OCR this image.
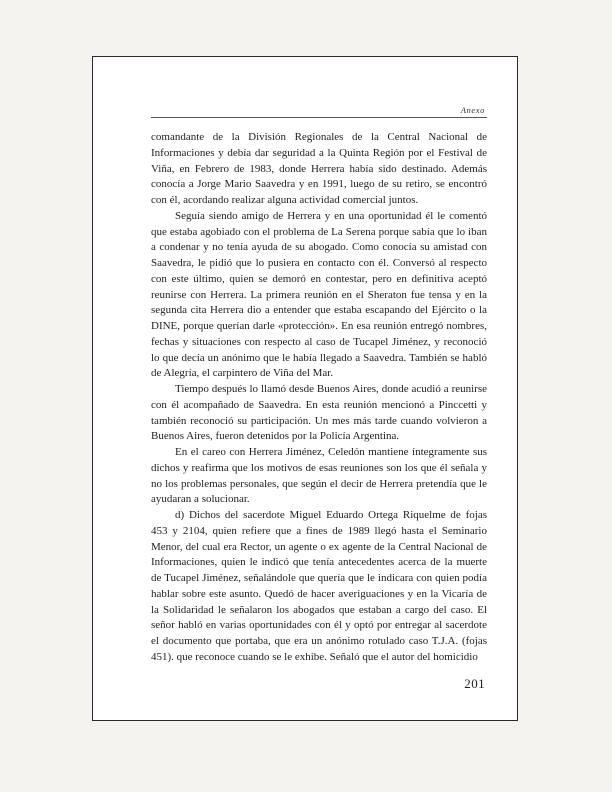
Anexo

comandante de la División Regionales de la Central Nacional de Informaciones y debía dar seguridad a la Quinta Región por el Festival de Viña, en Febrero de 1983, donde Herrera había sido destinado. Además conocía a Jorge Mario Saavedra y en 1991, luego de su retiro, se encontró con él, acordando realizar alguna actividad comercial juntos.

Seguía siendo amigo de Herrera y en una oportunidad él le comentó que estaba agobiado con el problema de La Serena porque sabía que lo iban a condenar y no tenía ayuda de su abogado. Como conocía su amistad con Saavedra, le pidió que lo pusiera en contacto con él. Conversó al respecto con este último, quien se demoró en contestar, pero en definitiva aceptó reunirse con Herrera. La primera reunión en el Sheraton fue tensa y en la segunda cita Herrera dio a entender que estaba escapando del Ejército o la DINE, porque querían darle «protección». En esa reunión entregó nombres, fechas y situaciones con respecto al caso de Tucapel Jiménez, y reconoció lo que decía un anónimo que le había llegado a Saavedra. También se habló de Alegría, el carpintero de Viña del Mar.

Tiempo después lo llamó desde Buenos Aires, donde acudió a reunirse con él acompañado de Saavedra. En esta reunión mencionó a Pinccetti y también reconoció su participación. Un mes más tarde cuando volvieron a Buenos Aires, fueron detenidos por la Policía Argentina.

En el careo con Herrera Jiménez, Celedón mantiene íntegramente sus dichos y reafirma que los motivos de esas reuniones son los que él señala y no los problemas personales, que según el decir de Herrera pretendía que le ayudaran a solucionar.

d) Dichos del sacerdote Miguel Eduardo Ortega Riquelme de fojas 453 y 2104, quien refiere que a fines de 1989 llegó hasta el Seminario Menor, del cual era Rector, un agente o ex agente de la Central Nacional de Informaciones, quien le indicó que tenía antecedentes acerca de la muerte de Tucapel Jiménez, señalándole que quería que le indicara con quien podía hablar sobre este asunto. Quedó de hacer averiguaciones y en la Vicaría de la Solidaridad le señalaron los abogados que estaban a cargo del caso. El señor habló en varias oportunidades con él y optó por entregar al sacerdote el documento que portaba, que era un anónimo rotulado caso T.J.A. (fojas 451). que reconoce cuando se le exhibe. Señaló que el autor del homicidio

201
